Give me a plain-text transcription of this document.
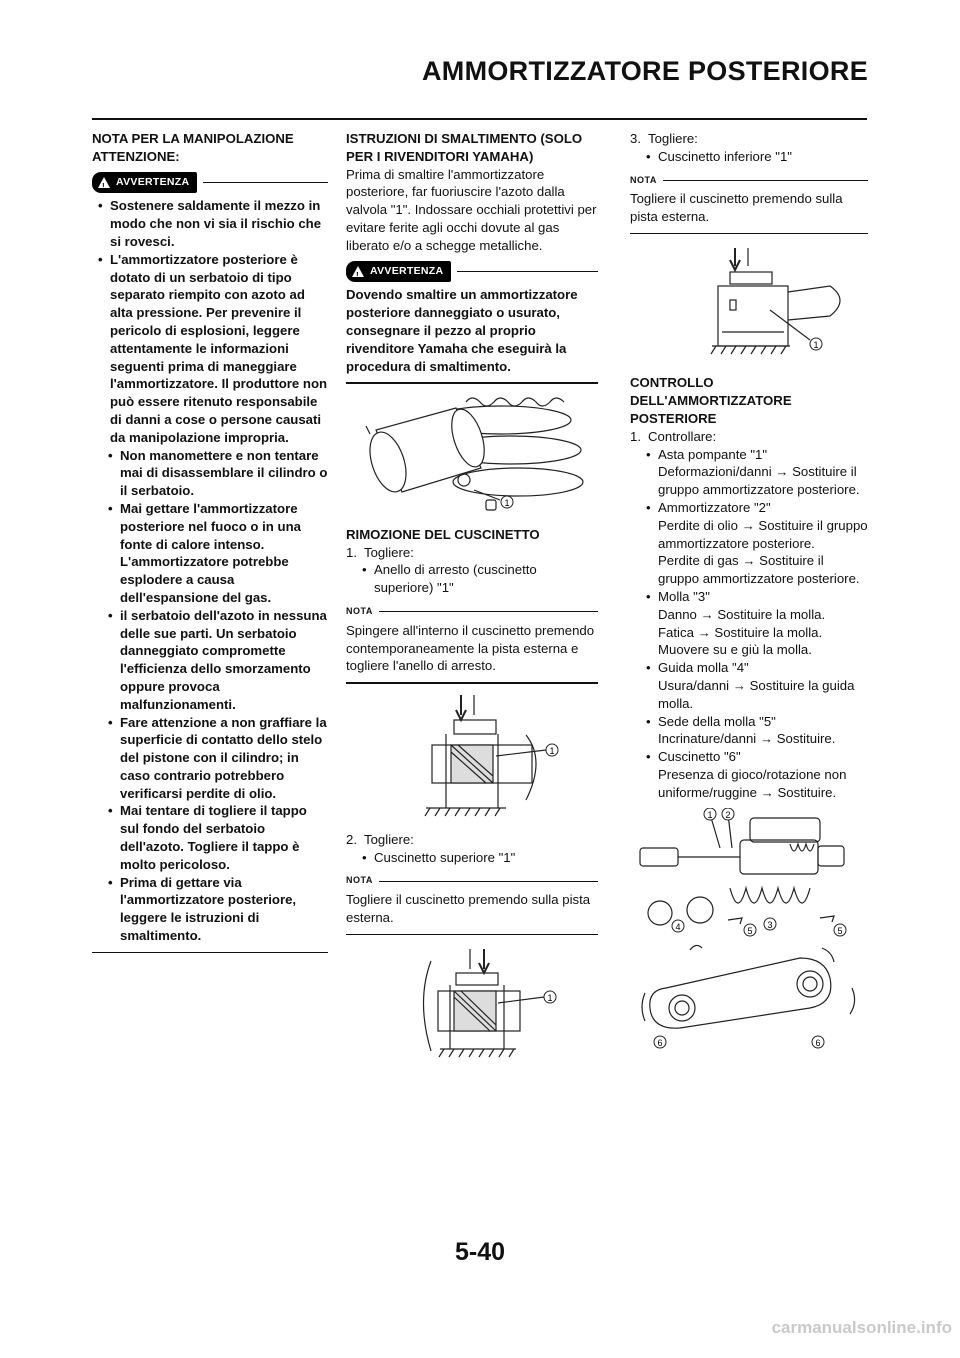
AMMORTIZZATORE POSTERIORE

NOTA PER LA MANIPOLAZIONE ATTENZIONE:

! AVVERTENZA
• Sostenere saldamente il mezzo in modo che non vi sia il rischio che si rovesci.
• L'ammortizzatore posteriore è dotato di un serbatoio di tipo separato riempito con azoto ad alta pressione. Per prevenire il pericolo di esplosioni, leggere attentamente le informazioni seguenti prima di maneggiare l'ammortizzatore. Il produttore non può essere ritenuto responsabile di danni a cose o persone causati da manipolazione impropria.
• Non manomettere e non tentare mai di disassemblare il cilindro o il serbatoio.
• Mai gettare l'ammortizzatore posteriore nel fuoco o in una fonte di calore intenso. L'ammortizzatore potrebbe esplodere a causa dell'espansione del gas.
• il serbatoio dell'azoto in nessuna delle sue parti. Un serbatoio danneggiato compromette l'efficienza dello smorzamento oppure provoca malfunzionamenti.
• Fare attenzione a non graffiare la superficie di contatto dello stelo del pistone con il cilindro; in caso contrario potrebbero verificarsi perdite di olio.
• Mai tentare di togliere il tappo sul fondo del serbatoio dell'azoto. Togliere il tappo è molto pericoloso.
• Prima di gettare via l'ammortizzatore posteriore, leggere le istruzioni di smaltimento.

ISTRUZIONI DI SMALTIMENTO (SOLO PER I RIVENDITORI YAMAHA)

Prima di smaltire l'ammortizzatore posteriore, far fuoriuscire l'azoto dalla valvola "1". Indossare occhiali protettivi per evitare ferite agli occhi dovute al gas liberato e/o a schegge metalliche.

! AVVERTENZA

Dovendo smaltire un ammortizzatore posteriore danneggiato o usurato, consegnare il pezzo al proprio rivenditore Yamaha che eseguirà la procedura di smaltimento.

1

RIMOZIONE DEL CUSCINETTO

1. Togliere:
• Anello di arresto (cuscinetto superiore) "1"
NOTA

Spingere all'interno il cuscinetto premendo contemporaneamente la pista esterna e togliere l'anello di arresto.

1
2. Togliere:
• Cuscinetto superiore "1"
NOTA

Togliere il cuscinetto premendo sulla pista esterna.

1
3. Togliere:
• Cuscinetto inferiore "1"
NOTA

Togliere il cuscinetto premendo sulla pista esterna.

1

CONTROLLO DELL'AMMORTIZZATORE POSTERIORE

1. Controllare:
• Asta pompante "1"
Deformazioni/danni → Sostituire il gruppo ammortizzatore posteriore.
• Ammortizzatore "2"
Perdite di olio → Sostituire il gruppo ammortizzatore posteriore.
Perdite di gas → Sostituire il gruppo ammortizzatore posteriore.
• Molla "3"
Danno → Sostituire la molla.
Fatica → Sostituire la molla.
Muovere su e giù la molla.
• Guida molla "4"
Usura/danni → Sostituire la guida molla.
• Sede della molla "5"
Incrinature/danni → Sostituire.
• Cuscinetto "6"
Presenza di gioco/rotazione non uniforme/ruggine → Sostituire.
1 2
3
4	5	5
6	6
5-40
carmanualsonline.info
